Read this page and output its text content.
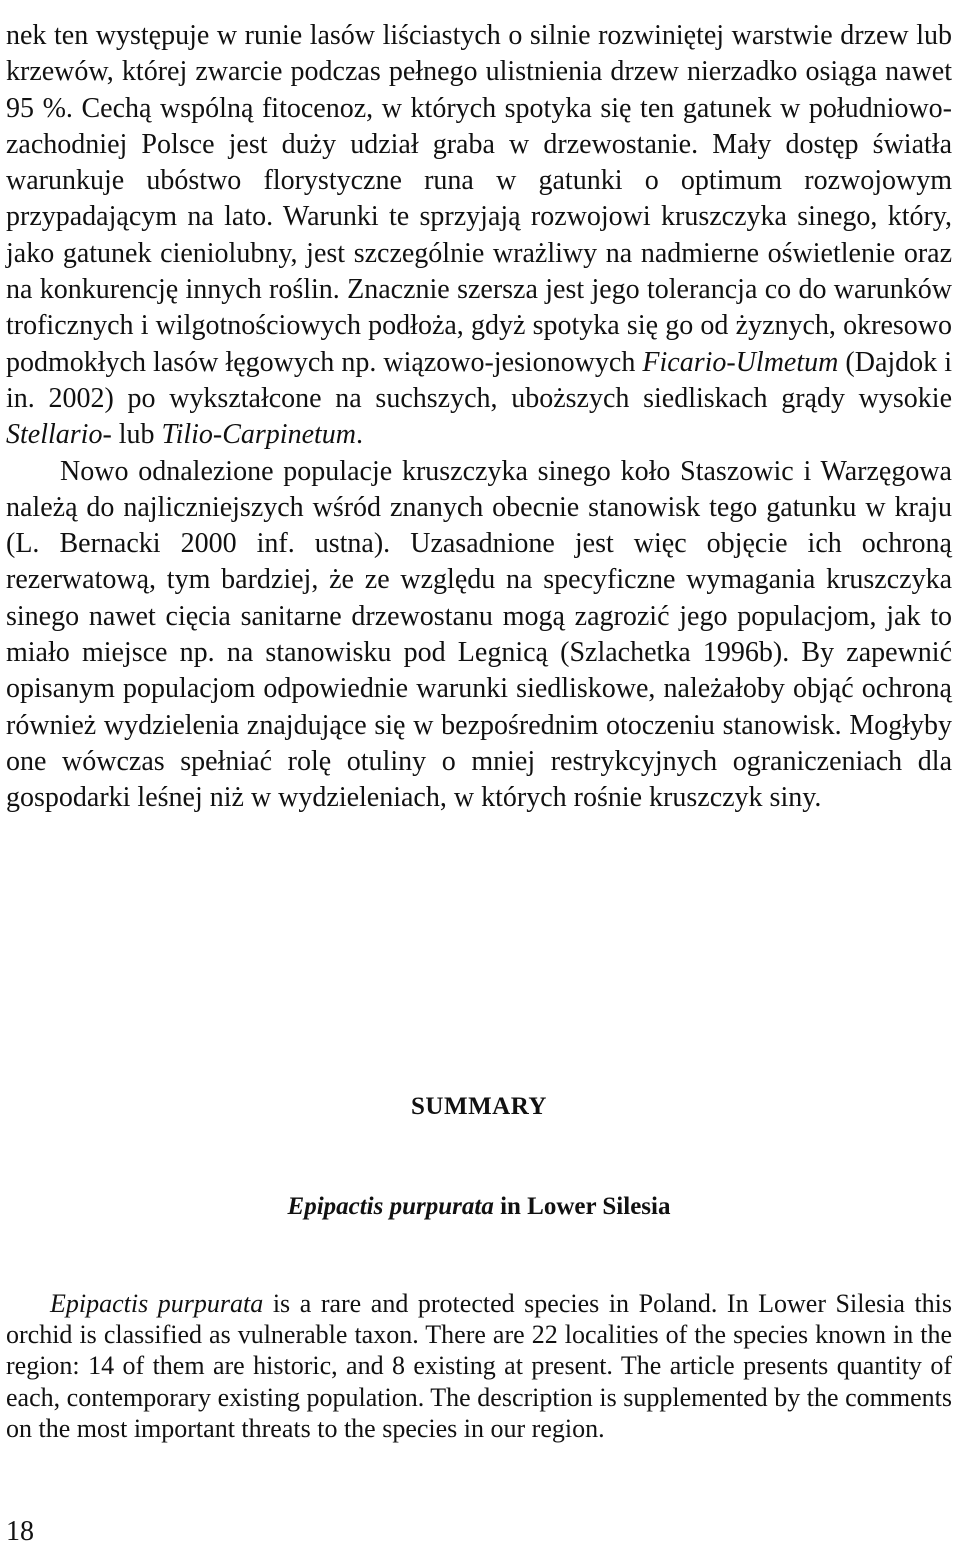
nek ten występuje w runie lasów liściastych o silnie rozwiniętej warstwie drzew lub krzewów, której zwarcie podczas pełnego ulistnienia drzew nierzadko osiąga nawet 95 %. Cechą wspólną fitocenoz, w których spotyka się ten gatunek w południowo-zachodniej Polsce jest duży udział graba w drzewostanie. Mały dostęp światła warunkuje ubóstwo florystyczne runa w gatunki o optimum rozwojowym przypadającym na lato. Warunki te sprzyjają rozwojowi kruszczyka sinego, który, jako gatunek cieniolubny, jest szczególnie wrażliwy na nadmierne oświetlenie oraz na konkurencję innych roślin. Znacznie szersza jest jego tolerancja co do warunków troficznych i wilgotnościowych podłoża, gdyż spotyka się go od żyznych, okresowo podmokłych lasów łęgowych np. wiązowo-jesionowych Ficario-Ulmetum (Dajdok i in. 2002) po wykształcone na suchszych, uboższych siedliskach grądy wysokie Stellario- lub Tilio-Carpinetum.

Nowo odnalezione populacje kruszczyka sinego koło Staszowic i Warzęgowa należą do najliczniejszych wśród znanych obecnie stanowisk tego gatunku w kraju (L. Bernacki 2000 inf. ustna). Uzasadnione jest więc objęcie ich ochroną rezerwatową, tym bardziej, że ze względu na specyficzne wymagania kruszczyka sinego nawet cięcia sanitarne drzewostanu mogą zagrozić jego populacjom, jak to miało miejsce np. na stanowisku pod Legnicą (Szlachetka 1996b). By zapewnić opisanym populacjom odpowiednie warunki siedliskowe, należałoby objąć ochroną również wydzielenia znajdujące się w bezpośrednim otoczeniu stanowisk. Mogłyby one wówczas spełniać rolę otuliny o mniej restrykcyjnych ograniczeniach dla gospodarki leśnej niż w wydzieleniach, w których rośnie kruszczyk siny.

SUMMARY
Epipactis purpurata in Lower Silesia

Epipactis purpurata is a rare and protected species in Poland. In Lower Silesia this orchid is classified as vulnerable taxon. There are 22 localities of the species known in the region: 14 of them are historic, and 8 existing at present. The article presents quantity of each, contemporary existing population. The description is supplemented by the comments on the most important threats to the species in our region.

18
